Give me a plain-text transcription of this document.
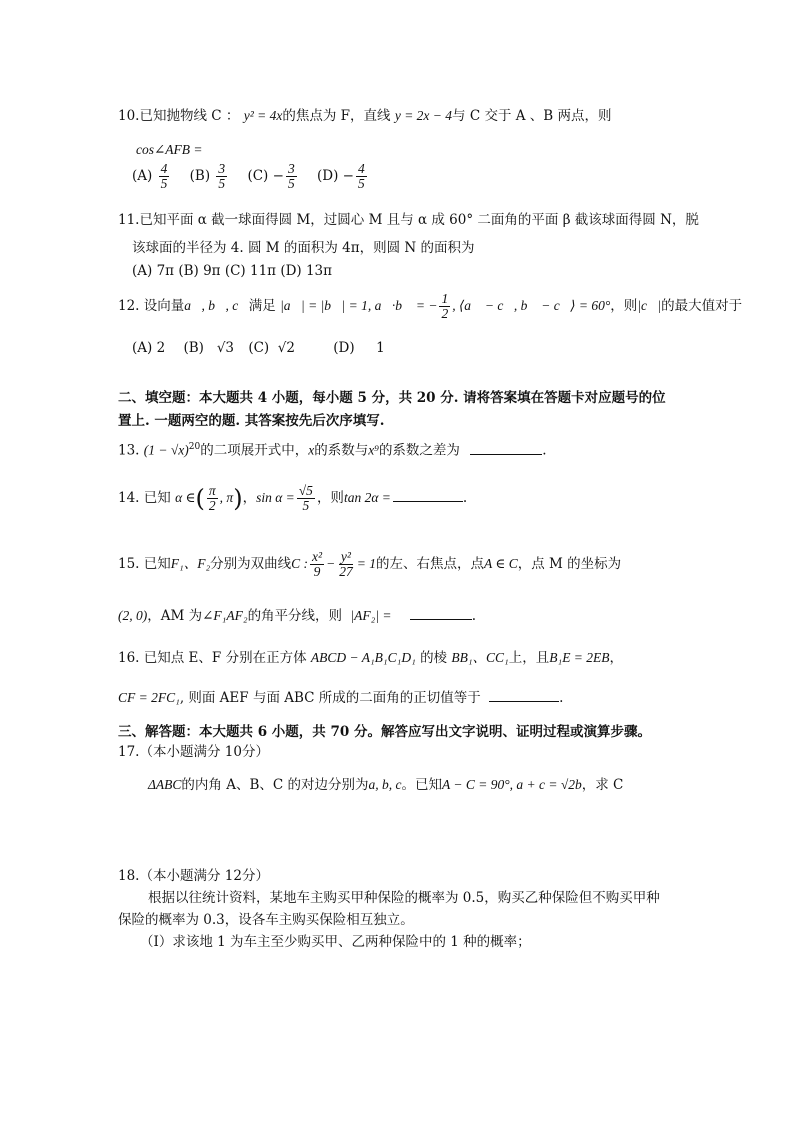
10.已知抛物线 C ： y² = 4x的焦点为 F，直线 y = 2x − 4与 C 交于 A 、B 两点，则
cos∠AFB =
$(A) \frac{4}{5} (B) \frac{3}{5} (C) - \frac{3}{5} (D) - \frac{4}{5}$
11.已知平面 α 截一球面得圆 M，过圆心 M 且与 α 成 60° 二面角的平面 β 截该球面得圆 N，脱
该球面的半径为 4. 圆 M 的面积为 4π，则圆 N 的面积为
(A) 7π (B) 9π (C) 11π (D) 13π
12. 设向量a⃗, b⃗, c⃗满足 |a⃗| = |b⃗| = 1, a⃗·b⃗ = − $\frac{1}{2}$ , ⟨a⃗ − c⃗, b⃗ − c⃗⟩ = 60°，则|c⃗|的最大值对于
(A) 2 (B) √3 (C) √2	(D) 1
二、填空题：本大题共 4 小题，每小题 5 分，共 20 分. 请将答案填在答题卡对应题号的位
置上. 一题两空的题. 其答案按先后次序填写.
13. $(1 - √x)^{20}$的二项展开式中，x的系数与x⁹的系数之差为	.
14. 已知 α ∈( $\frac{\pi}{2}$ , π)，$\sin \alpha = \frac{√5}{5}$ ，则tan 2α =	.
15. 已知F₁、F₂分别为双曲线C : $\frac{\text{x²}}{9} - \frac{\text{y²}}{27} = 1$的左、右焦点，点A ∈ C，点 M 的坐标为
(2, 0)，AM 为∠F₁AF₂的角平分线，则 |AF₂| =	.
16. 已知点 E、F 分别在正方体 ABCD − A₁B₁C₁D₁ 的棱 BB₁、CC₁上，且B₁E = 2EB，
CF = 2FC₁, 则面 AEF 与面 ABC 所成的二面角的正切值等于	.
三、解答题：本大题共 6 小题，共 70 分。解答应写出文字说明、证明过程或演算步骤。
17.（本小题满分 10分）
ΔABC的内角 A、B、C 的对边分别为a, b, c。已知A − C = 90°, a + c = √2b，求 C
18.（本小题满分 12分）
根据以往统计资料，某地车主购买甲种保险的概率为 0.5，购买乙种保险但不购买甲种
保险的概率为 0.3，设各车主购买保险相互独立。
（Ⅰ）求该地 1 为车主至少购买甲、乙两种保险中的 1 种的概率；
